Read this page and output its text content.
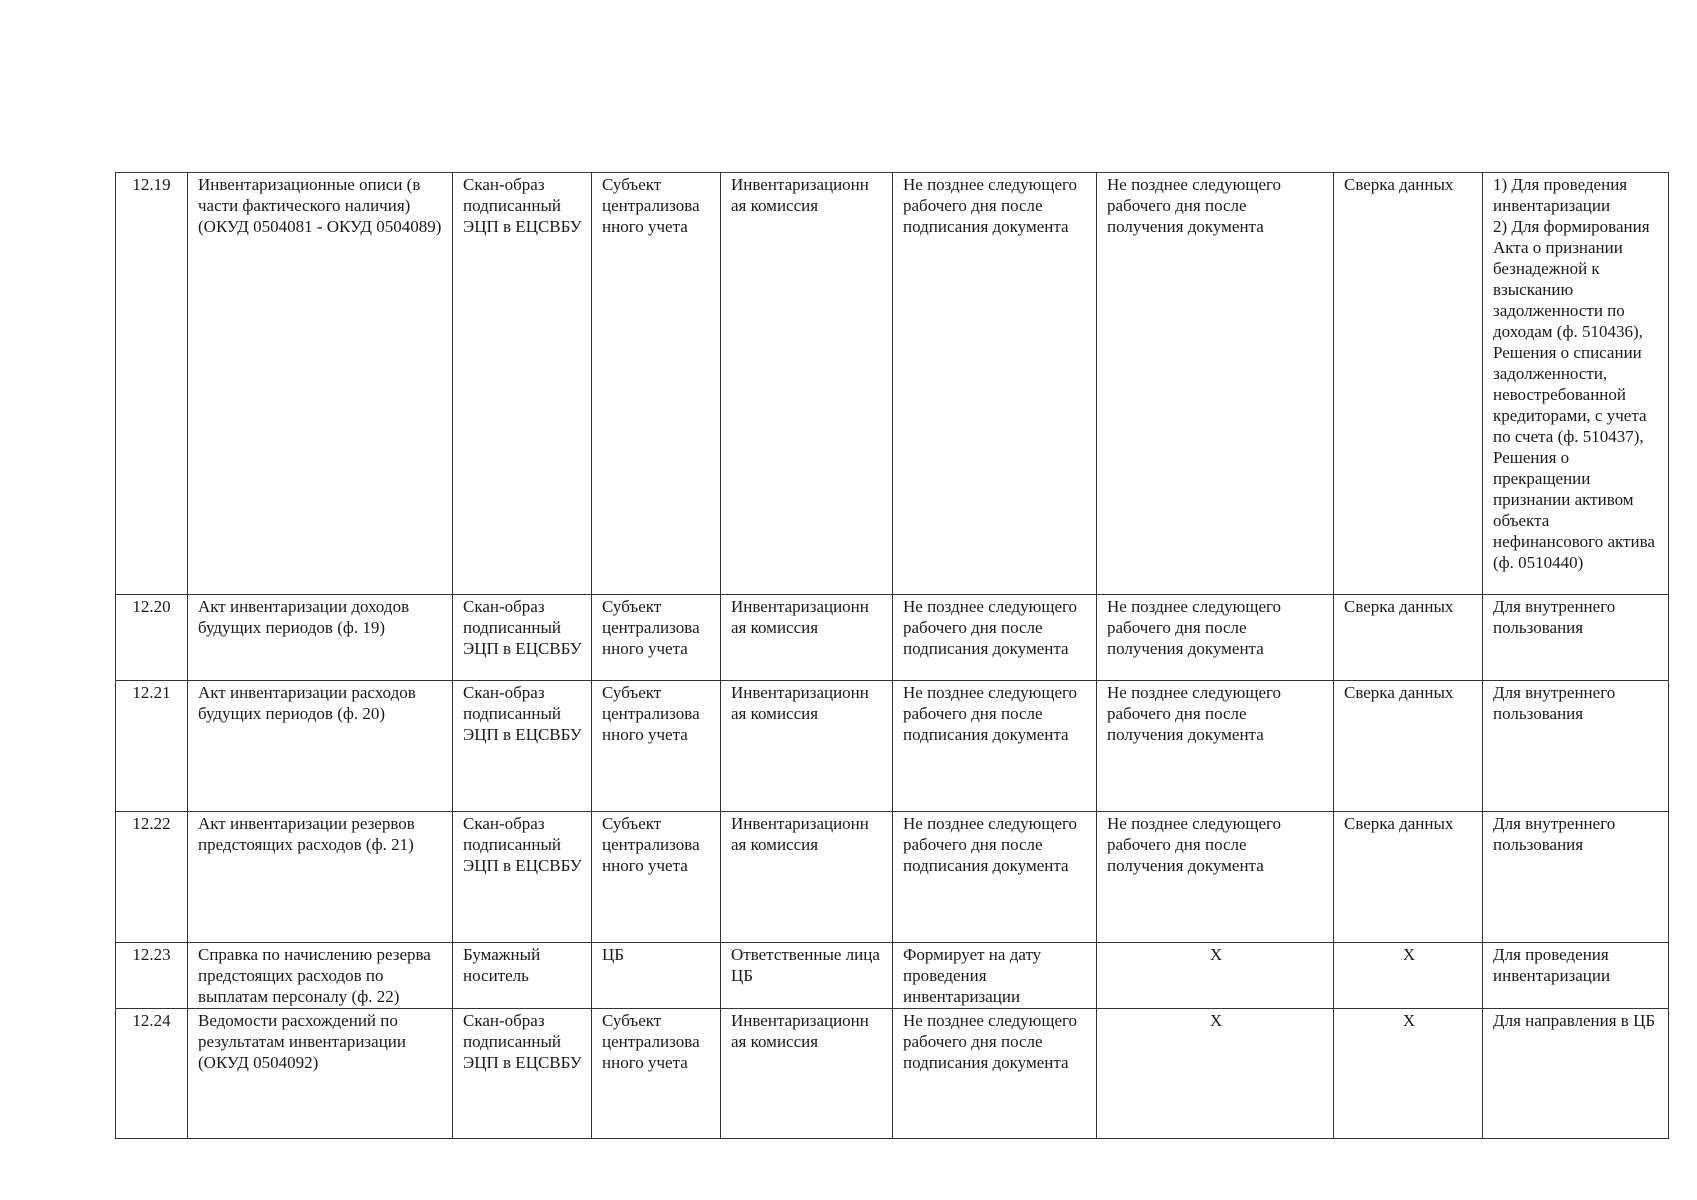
12.19	Инвентаризационные описи (в части фактического наличия) (ОКУД 0504081 - ОКУД 0504089)	Скан-образ подписанный ЭЦП в ЕЦСВБУ	Субъект централизова нного учета	Инвентаризационн ая комиссия	Не позднее следующего рабочего дня после подписания документа	Не позднее следующего рабочего дня после получения документа	Сверка данных	1) Для проведения инвентаризации
2) Для формирования Акта о признании безнадежной к взысканию задолженности по доходам (ф. 510436), Решения о списании задолженности, невостребованной кредиторами, с учета по счета (ф. 510437), Решения о прекращении признании активом объекта нефинансового актива (ф. 0510440)
12.20	Акт инвентаризации доходов будущих периодов (ф. 19)	Скан-образ подписанный ЭЦП в ЕЦСВБУ	Субъект централизова нного учета	Инвентаризационн ая комиссия	Не позднее следующего рабочего дня после подписания документа	Не позднее следующего рабочего дня после получения документа	Сверка данных	Для внутреннего пользования
12.21	Акт инвентаризации расходов будущих периодов (ф. 20)	Скан-образ подписанный ЭЦП в ЕЦСВБУ	Субъект централизова нного учета	Инвентаризационн ая комиссия	Не позднее следующего рабочего дня после подписания документа	Не позднее следующего рабочего дня после получения документа	Сверка данных	Для внутреннего пользования
12.22	Акт инвентаризации резервов предстоящих расходов (ф. 21)	Скан-образ подписанный ЭЦП в ЕЦСВБУ	Субъект централизова нного учета	Инвентаризационн ая комиссия	Не позднее следующего рабочего дня после подписания документа	Не позднее следующего рабочего дня после получения документа	Сверка данных	Для внутреннего пользования
12.23	Справка по начислению резерва предстоящих расходов по выплатам персоналу (ф. 22)	Бумажный носитель	ЦБ	Ответственные лица ЦБ	Формирует на дату проведения инвентаризации	X	X	Для проведения инвентаризации
12.24	Ведомости расхождений по результатам инвентаризации (ОКУД 0504092)	Скан-образ подписанный ЭЦП в ЕЦСВБУ	Субъект централизова нного учета	Инвентаризационн ая комиссия	Не позднее следующего рабочего дня после подписания документа	X	X	Для направления в ЦБ
